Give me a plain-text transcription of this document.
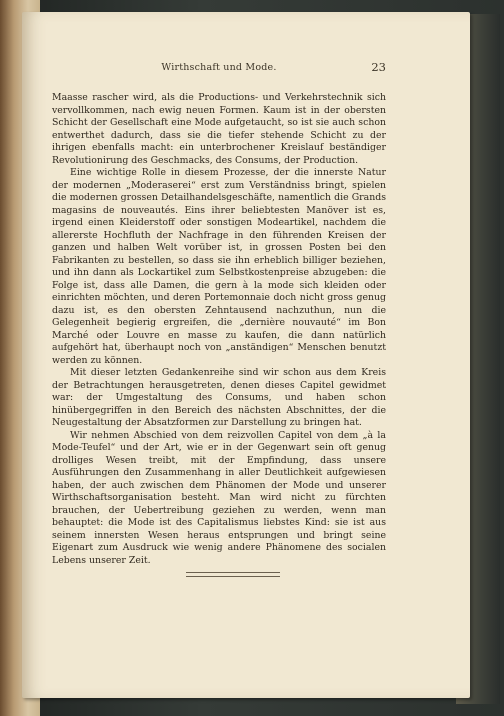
Wirthschaft und Mode.	23

Maasse rascher wird, als die Productions- und Verkehrstechnik sich vervollkommen, nach ewig neuen Formen. Kaum ist in der obersten Schicht der Gesellschaft eine Mode aufgetaucht, so ist sie auch schon entwerthet dadurch, dass sie die tiefer stehende Schicht zu der ihrigen ebenfalls macht: ein unterbrochener Kreislauf beständiger Revolutionirung des Geschmacks, des Consums, der Production.

Eine wichtige Rolle in diesem Prozesse, der die innerste Natur der modernen „Moderaserei“ erst zum Verständniss bringt, spielen die modernen grossen Detailhandelsgeschäfte, namentlich die Grands magasins de nouveautés. Eins ihrer beliebtesten Manöver ist es, irgend einen Kleiderstoff oder sonstigen Modeartikel, nachdem die allererste Hochfluth der Nachfrage in den führenden Kreisen der ganzen und halben Welt vorüber ist, in grossen Posten bei den Fabrikanten zu bestellen, so dass sie ihn erheblich billiger beziehen, und ihn dann als Lockartikel zum Selbstkostenpreise abzugeben: die Folge ist, dass alle Damen, die gern à la mode sich kleiden oder einrichten möchten, und deren Portemonnaie doch nicht gross genug dazu ist, es den obersten Zehntausend nachzuthun, nun die Gelegenheit begierig ergreifen, die „dernière nouvauté“ im Bon Marché oder Louvre en masse zu kaufen, die dann natürlich aufgehört hat, überhaupt noch von „anständigen“ Menschen benutzt werden zu können.

Mit dieser letzten Gedankenreihe sind wir schon aus dem Kreis der Betrachtungen herausgetreten, denen dieses Capitel gewidmet war: der Umgestaltung des Consums, und haben schon hinübergegriffen in den Bereich des nächsten Abschnittes, der die Neugestaltung der Absatzformen zur Darstellung zu bringen hat.

Wir nehmen Abschied von dem reizvollen Capitel von dem „à la Mode-Teufel“ und der Art, wie er in der Gegenwart sein oft genug drolliges Wesen treibt, mit der Empfindung, dass unsere Ausführungen den Zusammenhang in aller Deutlichkeit aufgewiesen haben, der auch zwischen dem Phänomen der Mode und unserer Wirthschaftsorganisation besteht. Man wird nicht zu fürchten brauchen, der Uebertreibung geziehen zu werden, wenn man behauptet: die Mode ist des Capitalismus liebstes Kind: sie ist aus seinem innersten Wesen heraus entsprungen und bringt seine Eigenart zum Ausdruck wie wenig andere Phänomene des socialen Lebens unserer Zeit.
